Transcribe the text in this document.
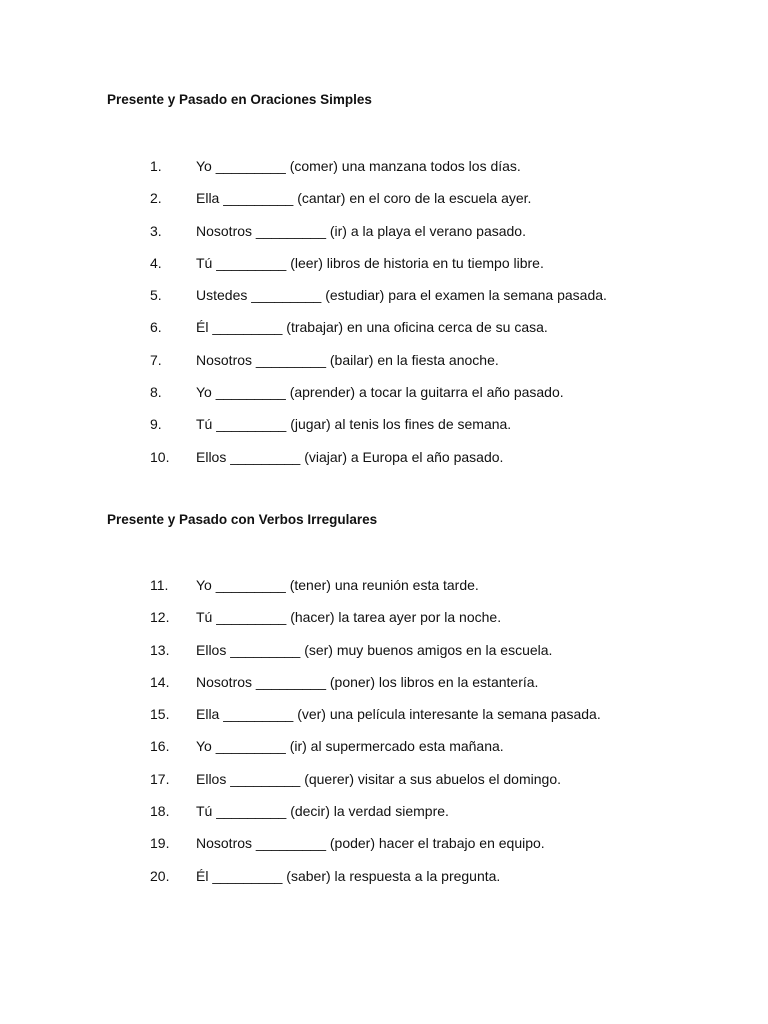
Presente y Pasado en Oraciones Simples
1.	Yo _________ (comer) una manzana todos los días.
2.	Ella _________ (cantar) en el coro de la escuela ayer.
3.	Nosotros _________ (ir) a la playa el verano pasado.
4.	Tú _________ (leer) libros de historia en tu tiempo libre.
5.	Ustedes _________ (estudiar) para el examen la semana pasada.
6.	Él _________ (trabajar) en una oficina cerca de su casa.
7.	Nosotros _________ (bailar) en la fiesta anoche.
8.	Yo _________ (aprender) a tocar la guitarra el año pasado.
9.	Tú _________ (jugar) al tenis los fines de semana.
10.	Ellos _________ (viajar) a Europa el año pasado.
Presente y Pasado con Verbos Irregulares
11.	Yo _________ (tener) una reunión esta tarde.
12.	Tú _________ (hacer) la tarea ayer por la noche.
13.	Ellos _________ (ser) muy buenos amigos en la escuela.
14.	Nosotros _________ (poner) los libros en la estantería.
15.	Ella _________ (ver) una película interesante la semana pasada.
16.	Yo _________ (ir) al supermercado esta mañana.
17.	Ellos _________ (querer) visitar a sus abuelos el domingo.
18.	Tú _________ (decir) la verdad siempre.
19.	Nosotros _________ (poder) hacer el trabajo en equipo.
20.	Él _________ (saber) la respuesta a la pregunta.
